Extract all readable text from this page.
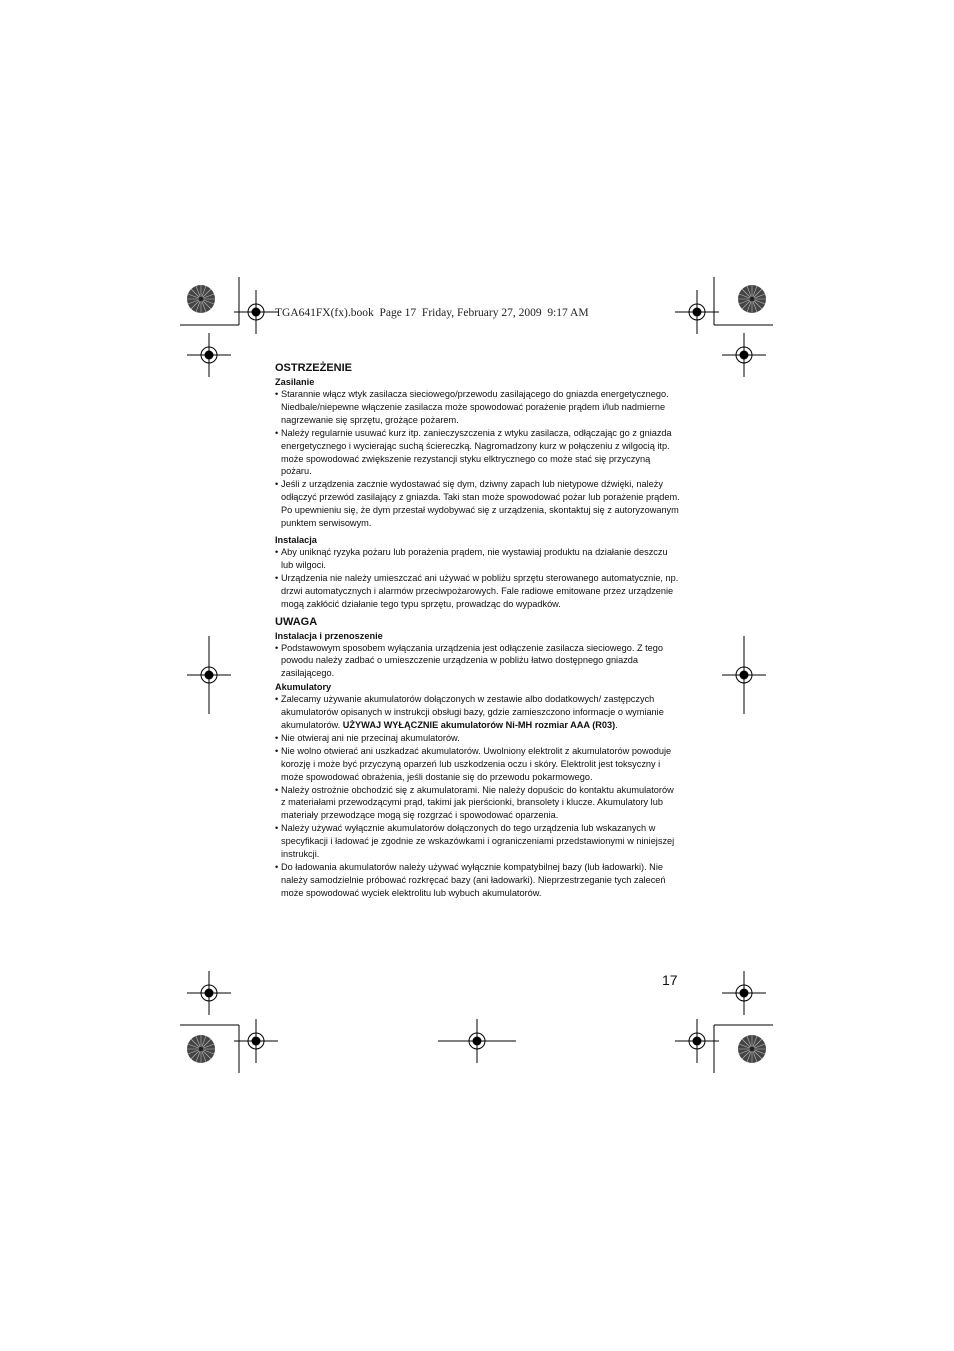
TGA641FX(fx).book  Page 17  Friday, February 27, 2009  9:17 AM
OSTRZEŻENIE
Zasilanie
• Starannie włącz wtyk zasilacza sieciowego/przewodu zasilającego do gniazda energetycznego. Niedbale/niepewne włączenie zasilacza może spowodować porażenie prądem i/lub nadmierne nagrzewanie się sprzętu, grożące pożarem.
• Należy regularnie usuwać kurz itp. zanieczyszczenia z wtyku zasilacza, odłączając go z gniazda energetycznego i wycierając suchą ściereczką. Nagromadzony kurz w połączeniu z wilgocią itp. może spowodować zwiększenie rezystancji styku elktrycznego co może stać się przyczyną pożaru.
• Jeśli z urządzenia zacznie wydostawać się dym, dziwny zapach lub nietypowe dźwięki, należy odłączyć przewód zasilający z gniazda. Taki stan może spowodować pożar lub porażenie prądem. Po upewnieniu się, że dym przestał wydobywać się z urządzenia, skontaktuj się z autoryzowanym punktem serwisowym.
Instalacja
• Aby uniknąć ryzyka pożaru lub porażenia prądem, nie wystawiaj produktu na działanie deszczu lub wilgoci.
• Urządzenia nie należy umieszczać ani używać w pobliżu sprzętu sterowanego automatycznie, np. drzwi automatycznych i alarmów przeciwpożarowych. Fale radiowe emitowane przez urządzenie mogą zakłócić działanie tego typu sprzętu, prowadząc do wypadków.
UWAGA
Instalacja i przenoszenie
• Podstawowym sposobem wyłączania urządzenia jest odłączenie zasilacza sieciowego. Z tego powodu należy zadbać o umieszczenie urządzenia w pobliżu łatwo dostępnego gniazda zasilającego.
Akumulatory
• Zalecamy używanie akumulatorów dołączonych w zestawie albo dodatkowych/ zastępczych akumulatorów opisanych w instrukcji obsługi bazy, gdzie zamieszczono informacje o wymianie akumulatorów. UŻYWAJ WYŁĄCZNIE akumulatorów Ni-MH rozmiar AAA (R03).
• Nie otwieraj ani nie przecinaj akumulatorów.
• Nie wolno otwierać ani uszkadzać akumulatorów. Uwolniony elektrolit z akumulatorów powoduje korozję i może być przyczyną oparzeń lub uszkodzenia oczu i skóry. Elektrolit jest toksyczny i może spowodować obrażenia, jeśli dostanie się do przewodu pokarmowego.
• Należy ostrożnie obchodzić się z akumulatorami. Nie należy dopuścic do kontaktu akumulatorów z materiałami przewodzącymi prąd, takimi jak pierścionki, bransolety i klucze. Akumulatory lub materiały przewodzące mogą się rozgrzać i spowodować oparzenia.
• Należy używać wyłącznie akumulatorów dołączonych do tego urządzenia lub wskazanych w specyfikacji i ładować je zgodnie ze wskazówkami i ograniczeniami przedstawionymi w niniejszej instrukcji.
• Do ładowania akumulatorów należy używać wyłącznie kompatybilnej bazy (lub ładowarki). Nie należy samodzielnie próbować rozkręcać bazy (ani ładowarki). Nieprzestrzeganie tych zaleceń może spowodować wyciek elektrolitu lub wybuch akumulatorów.
17
